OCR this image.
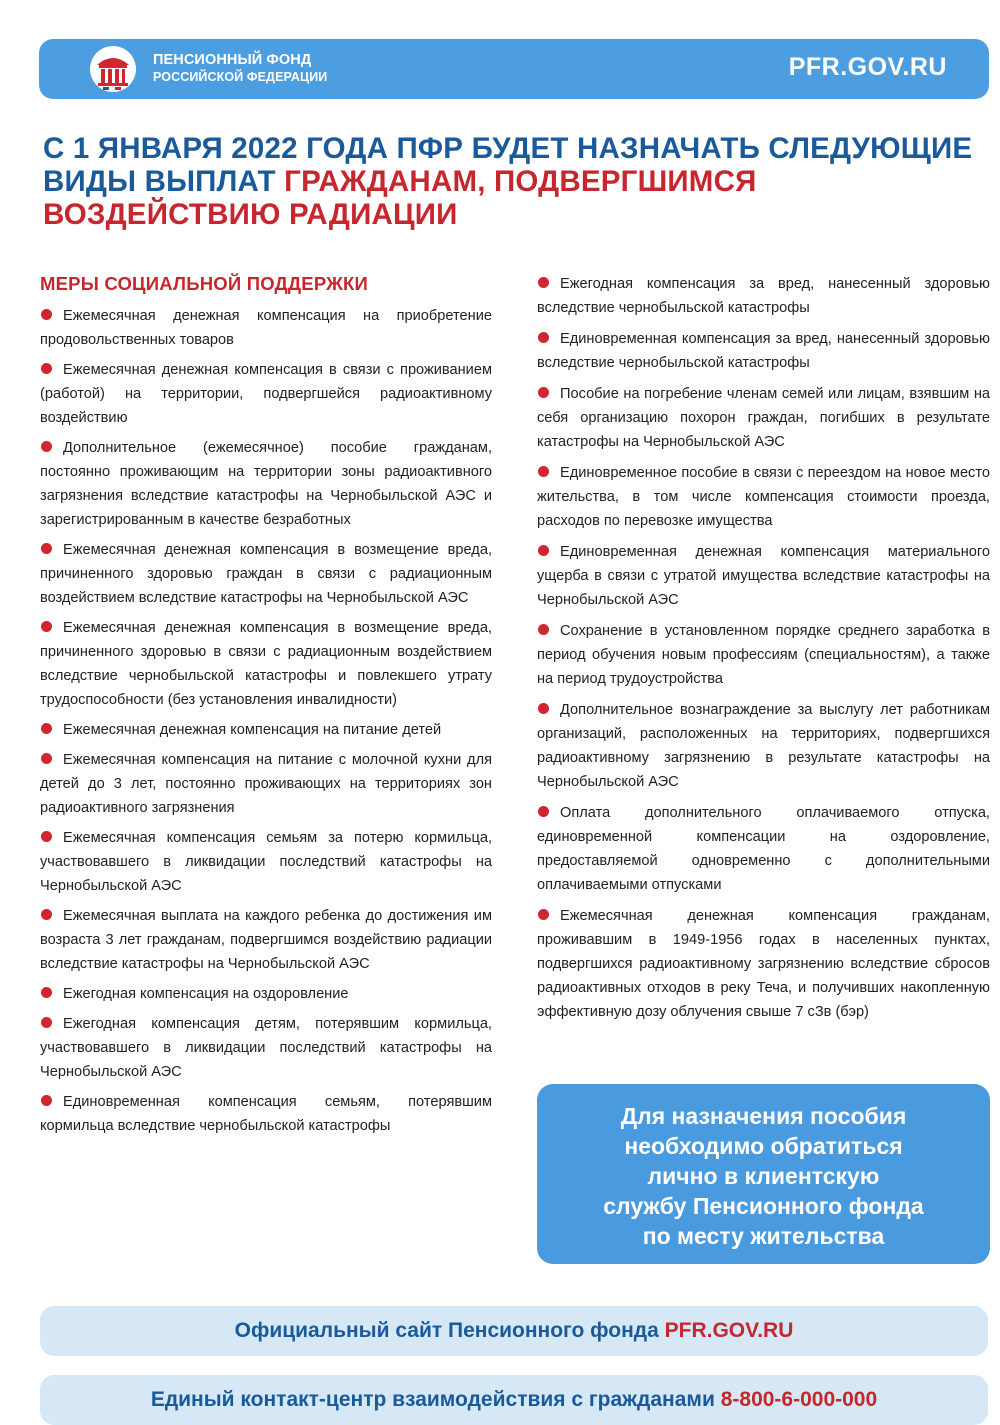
ПЕНСИОННЫЙ ФОНД
РОССИЙСКОЙ ФЕДЕРАЦИИ	PFR.GOV.RU
С 1 ЯНВАРЯ 2022 ГОДА ПФР БУДЕТ НАЗНАЧАТЬ СЛЕДУЮЩИЕ ВИДЫ ВЫПЛАТ ГРАЖДАНАМ, ПОДВЕРГШИМСЯ ВОЗДЕЙСТВИЮ РАДИАЦИИ
МЕРЫ СОЦИАЛЬНОЙ ПОДДЕРЖКИ
Ежемесячная денежная компенсация на приобретение продовольственных товаров
Ежемесячная денежная компенсация в связи с проживанием (работой) на территории, подвергшейся радиоактивному воздействию
Дополнительное (ежемесячное) пособие гражданам, постоянно проживающим на территории зоны радиоактивного загрязнения вследствие катастрофы на Чернобыльской АЭС и зарегистрированным в качестве безработных
Ежемесячная денежная компенсация в возмещение вреда, причиненного здоровью граждан в связи с радиационным воздействием вследствие катастрофы на Чернобыльской АЭС
Ежемесячная денежная компенсация в возмещение вреда, причиненного здоровью в связи с радиационным воздействием вследствие чернобыльской катастрофы и повлекшего утрату трудоспособности (без установления инвалидности)
Ежемесячная денежная компенсация на питание детей
Ежемесячная компенсация на питание с молочной кухни для детей до 3 лет, постоянно проживающих на территориях зон радиоактивного загрязнения
Ежемесячная компенсация семьям за потерю кормильца, участвовавшего в ликвидации последствий катастрофы на Чернобыльской АЭС
Ежемесячная выплата на каждого ребенка до достижения им возраста 3 лет гражданам, подвергшимся воздействию радиации вследствие катастрофы на Чернобыльской АЭС
Ежегодная компенсация на оздоровление
Ежегодная компенсация детям, потерявшим кормильца, участвовавшего в ликвидации последствий катастрофы на Чернобыльской АЭС
Единовременная компенсация семьям, потерявшим кормильца вследствие чернобыльской катастрофы
Ежегодная компенсация за вред, нанесенный здоровью вследствие чернобыльской катастрофы
Единовременная компенсация за вред, нанесенный здоровью вследствие чернобыльской катастрофы
Пособие на погребение членам семей или лицам, взявшим на себя организацию похорон граждан, погибших в результате катастрофы на Чернобыльской АЭС
Единовременное пособие в связи с переездом на новое место жительства, в том числе компенсация стоимости проезда, расходов по перевозке имущества
Единовременная денежная компенсация материального ущерба в связи с утратой имущества вследствие катастрофы на Чернобыльской АЭС
Сохранение в установленном порядке среднего заработка в период обучения новым профессиям (специальностям), а также на период трудоустройства
Дополнительное вознаграждение за выслугу лет работникам организаций, расположенных на территориях, подвергшихся радиоактивному загрязнению в результате катастрофы на Чернобыльской АЭС
Оплата дополнительного оплачиваемого отпуска, единовременной компенсации на оздоровление, предоставляемой одновременно с дополнительными оплачиваемыми отпусками
Ежемесячная денежная компенсация гражданам, проживавшим в 1949-1956 годах в населенных пунктах, подвергшихся радиоактивному загрязнению вследствие сбросов радиоактивных отходов в реку Теча, и получивших накопленную эффективную дозу облучения свыше 7 сЗв (бэр)
Для назначения пособия
необходимо обратиться
лично в клиентскую
службу Пенсионного фонда
по месту жительства
Официальный сайт Пенсионного фонда PFR.GOV.RU
Единый контакт-центр взаимодействия с гражданами 8-800-6-000-000
